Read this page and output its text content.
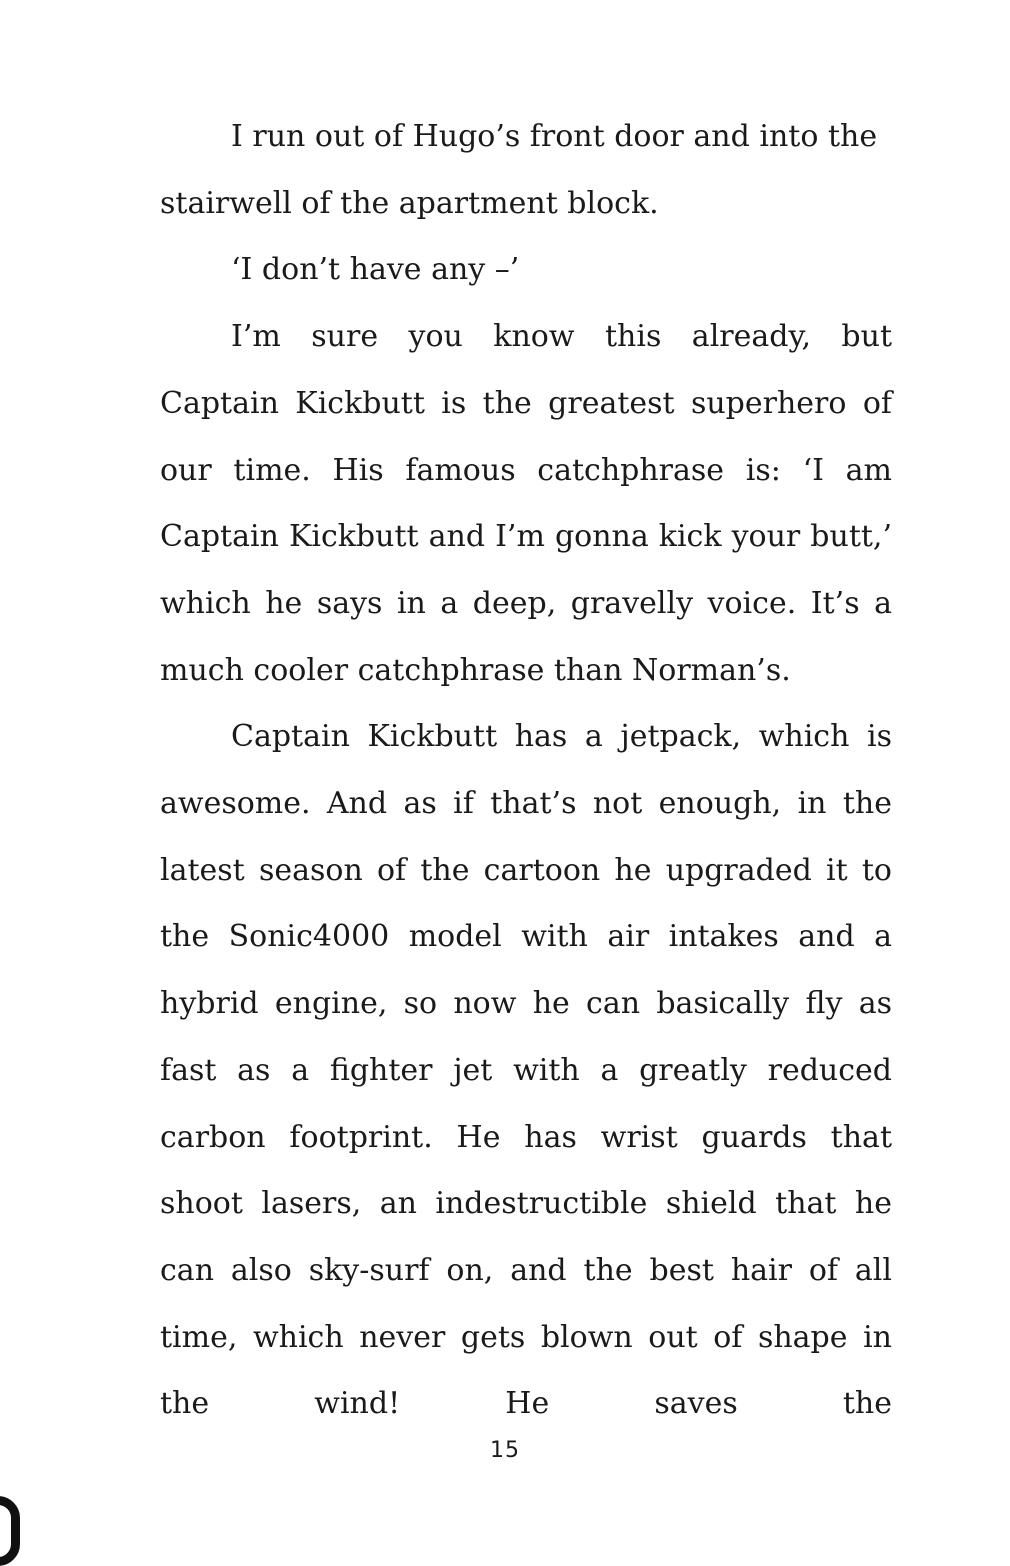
I run out of Hugo’s front door and into the stairwell of the apartment block.

‘I don’t have any –’

I’m sure you know this already, but Captain Kickbutt is the greatest superhero of our time. His famous catchphrase is: ‘I am Captain Kickbutt and I’m gonna kick your butt,’ which he says in a deep, gravelly voice. It’s a much cooler catchphrase than Norman’s.

Captain Kickbutt has a jetpack, which is awesome. And as if that’s not enough, in the latest season of the cartoon he upgraded it to the Sonic4000 model with air intakes and a hybrid engine, so now he can basically fly as fast as a fighter jet with a greatly reduced carbon footprint. He has wrist guards that shoot lasers, an indestructible shield that he can also sky-surf on, and the best hair of all time, which never gets blown out of shape in the wind! He saves the

15
